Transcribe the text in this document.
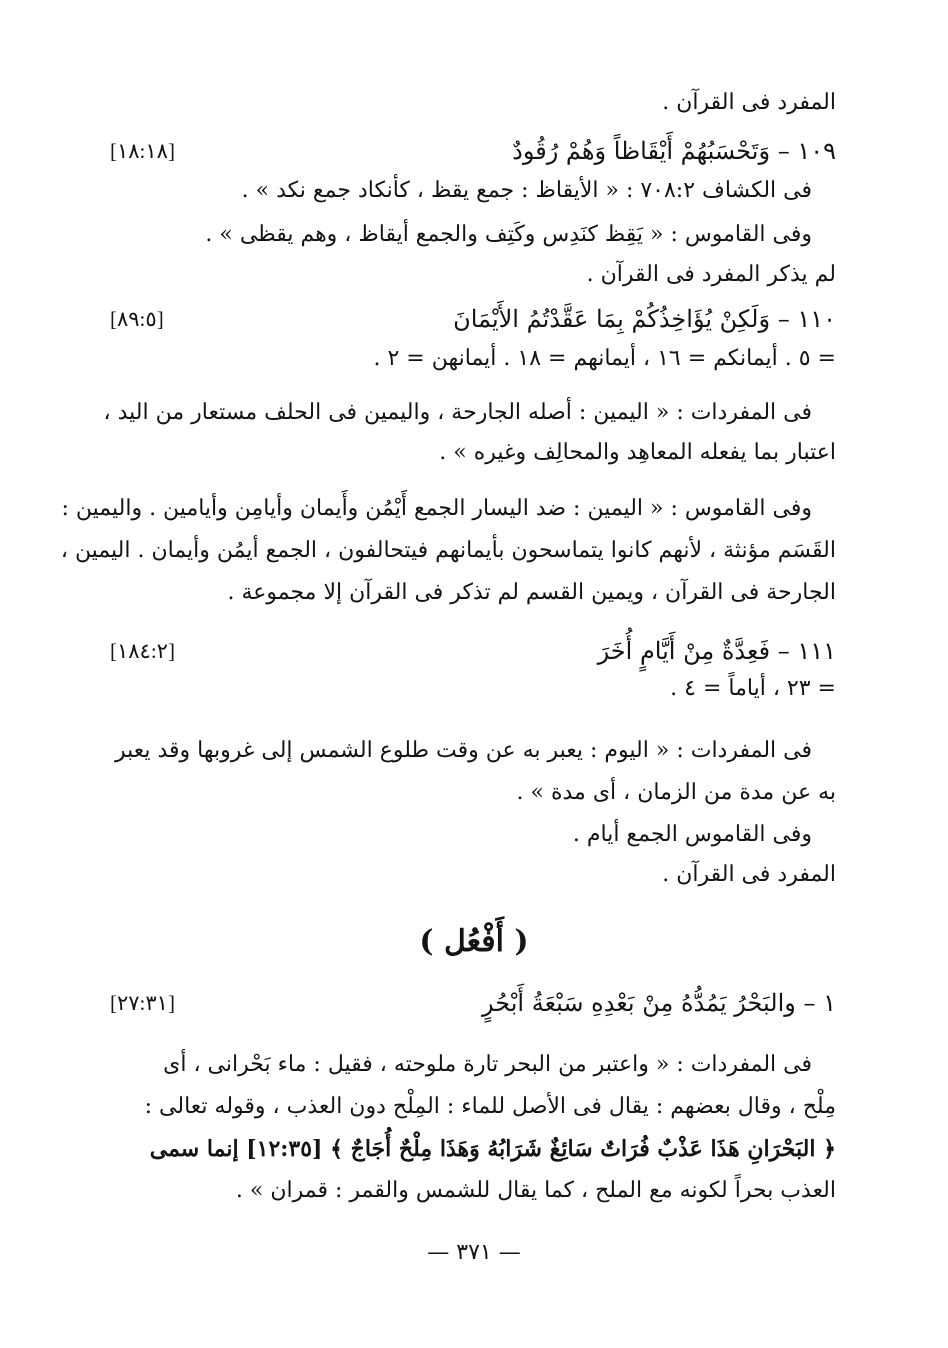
المفرد فى القرآن .
١٠٩ – وَتَحْسَبُهُمْ أَيْقَاظاً وَهُمْ رُقُودٌ
[١٨:١٨]
فى الكشاف ٧٠٨:٢ : « الأيقاظ : جمع يقظ ، كأنكاد جمع نكد » .
وفى القاموس : « يَقِظ كنَدِس وكَتِف والجمع أيقاظ ، وهم يقظى » .
لم يذكر المفرد فى القرآن .
١١٠ – وَلَكِنْ يُؤَاخِذُكُمْ بِمَا عَقَّدْتُمُ الأَيْمَانَ
[٨٩:٥]
= ٥ . أيمانكم = ١٦ ، أيمانهم = ١٨ . أيمانهن = ٢ .
فى المفردات : « اليمين : أصله الجارحة ، واليمين فى الحلف مستعار من اليد ،
اعتبار بما يفعله المعاهِد والمحالِف وغيره » .
وفى القاموس : « اليمين : ضد اليسار الجمع أَيْمُن وأَيمان وأيامِن وأيامين . واليمين :
القَسَم مؤنثة ، لأنهم كانوا يتماسحون بأيمانهم فيتحالفون ، الجمع أيمُن وأيمان . اليمين ،
الجارحة فى القرآن ، ويمين القسم لم تذكر فى القرآن إلا مجموعة .
١١١ – فَعِدَّةٌ مِنْ أَيَّامٍ أُخَرَ
[١٨٤:٢]
= ٢٣ ، أياماً = ٤ .
فى المفردات : « اليوم : يعبر به عن وقت طلوع الشمس إلى غروبها وقد يعبر
به عن مدة من الزمان ، أى مدة » .
وفى القاموس الجمع أيام .
المفرد فى القرآن .
( أَفْعُل )
١ – والبَحْرُ يَمُدُّهُ مِنْ بَعْدِهِ سَبْعَةُ أَبْحُرٍ
[٢٧:٣١]
فى المفردات : « واعتبر من البحر تارة ملوحته ، فقيل : ماء بَحْرانى ، أى
مِلْح ، وقال بعضهم : يقال فى الأصل للماء : المِلْح دون العذب ، وقوله تعالى :
﴿ البَحْرَانِ هَذَا عَذْبٌ فُرَاتٌ سَائِغٌ شَرَابُهُ وَهَذَا مِلْحٌ أُجَاجٌ ﴾ [١٢:٣٥] إنما سمى
العذب بحراً لكونه مع الملح ، كما يقال للشمس والقمر : قمران » .
— ٣٧١ —
